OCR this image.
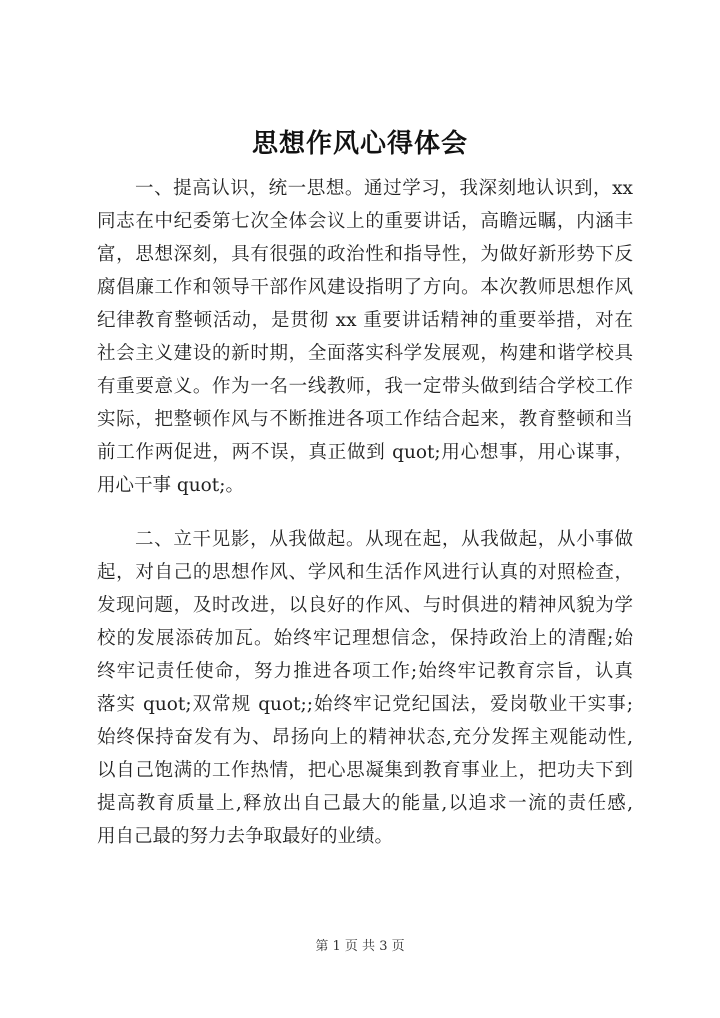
思想作风心得体会
一、提高认识，统一思想。通过学习，我深刻地认识到，xx
同志在中纪委第七次全体会议上的重要讲话，高瞻远瞩，内涵丰
富，思想深刻，具有很强的政治性和指导性，为做好新形势下反
腐倡廉工作和领导干部作风建设指明了方向。本次教师思想作风
纪律教育整顿活动，是贯彻 xx 重要讲话精神的重要举措，对在
社会主义建设的新时期，全面落实科学发展观，构建和谐学校具
有重要意义。作为一名一线教师，我一定带头做到结合学校工作
实际，把整顿作风与不断推进各项工作结合起来，教育整顿和当
前工作两促进，两不误，真正做到 quot;用心想事，用心谋事，
用心干事 quot;。
二、立干见影，从我做起。从现在起，从我做起，从小事做
起，对自己的思想作风、学风和生活作风进行认真的对照检查，
发现问题，及时改进，以良好的作风、与时俱进的精神风貌为学
校的发展添砖加瓦。始终牢记理想信念，保持政治上的清醒;始
终牢记责任使命，努力推进各项工作;始终牢记教育宗旨，认真
落实 quot;双常规 quot;;始终牢记党纪国法，爱岗敬业干实事;
始终保持奋发有为、昂扬向上的精神状态,充分发挥主观能动性,
以自己饱满的工作热情，把心思凝集到教育事业上，把功夫下到
提高教育质量上,释放出自己最大的能量,以追求一流的责任感,
用自己最的努力去争取最好的业绩。
第 1 页 共 3 页
